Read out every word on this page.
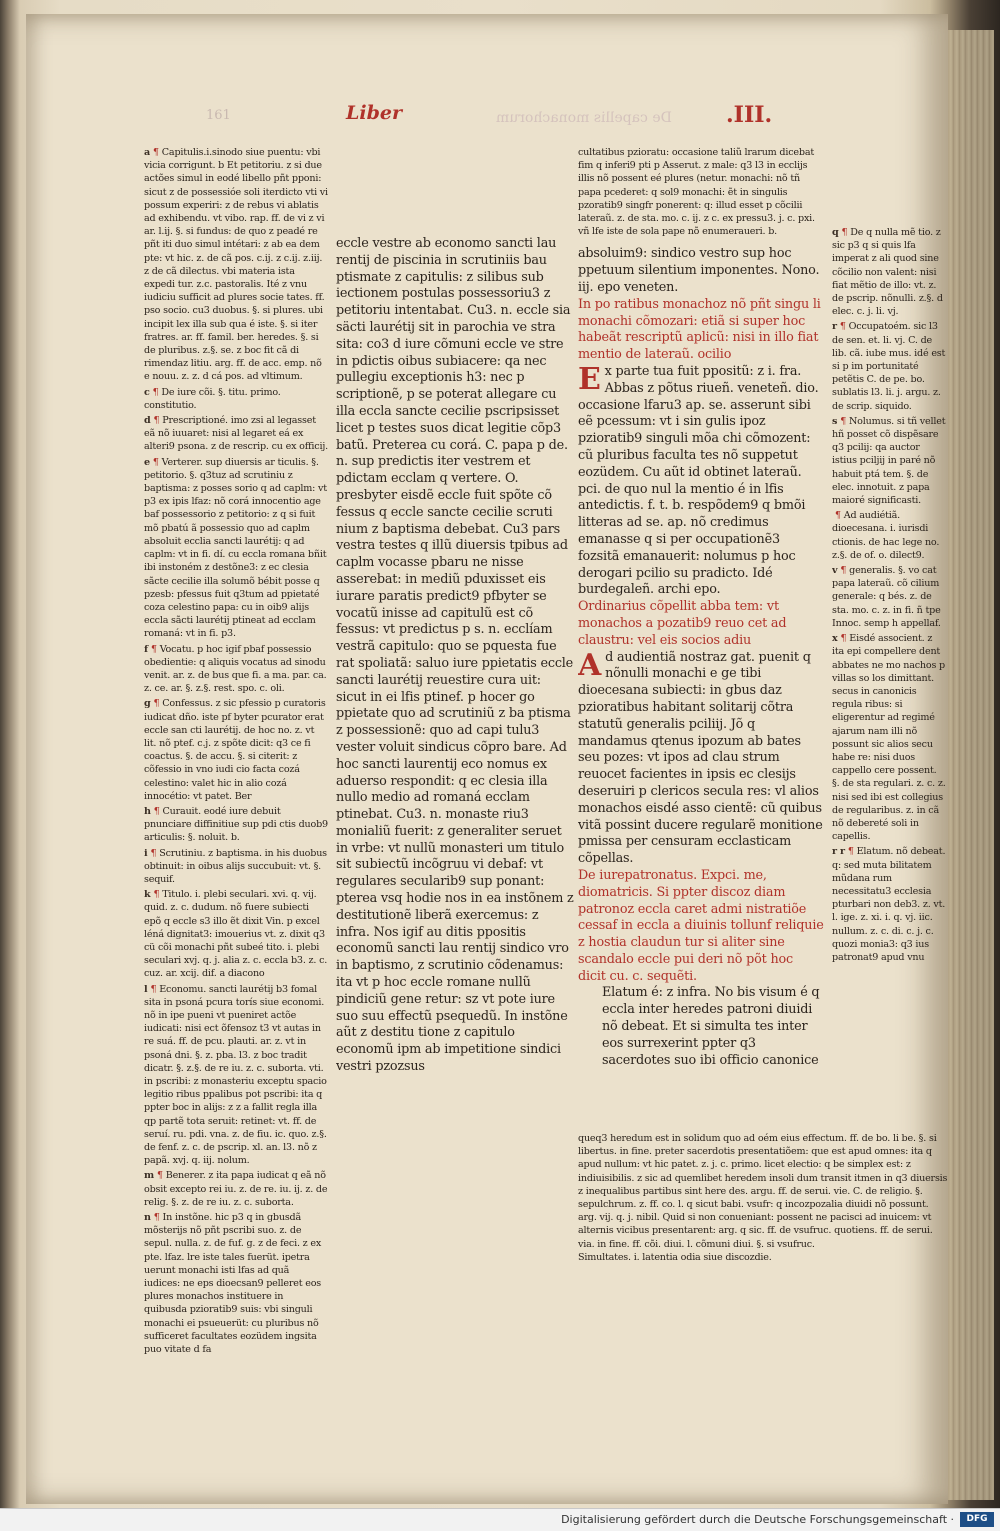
161	Liber	De capellis monachorum .III.

a ¶ Capitulis.i.sinodo siue puentu: vbi vicia corrigunt. b Et petitoriu. z si due actões simul in eodé libello pñt pponi: sicut z de possessióe soli iterdicto vti vi possum experiri: z de rebus vi ablatis ad exhibendu. vt vibo. rap. ff. de vi z vi ar. l.ij. §. si fundus: de quo z peadé re pñt iti duo simul intétari: z ab ea dem pte: vt hic. z. de cã pos. c.ij. z c.ij. z.iij. z de cã dilectus. vbi materia ista expedi tur. z.c. pastoralis. Ité z vnu iudiciu sufficit ad plures socie tates. ff. pso socio. cu3 duobus. §. si plures. ubi incipit lex illa sub qua é iste. §. si iter fratres. ar. ff. famil. ber. heredes. §. si de pluribus. z.§. se. z boc fit cã di rimendaz litiu. arg. ff. de acc. emp. nõ e nouu. z. z. d cá pos. ad vltimum.

c ¶ De iure cõi. §. titu. primo. constitutio.

d ¶ Prescriptioné. imo zsi al legasset eã nõ iuuaret: nisi al legaret eá ex alteri9 psona. z de rescrip. cu ex officij.

e ¶ Verterer. sup diuersis ar ticulis. §. petitorio. §. q3tuz ad scrutiniu z baptisma: z posses sorio q ad caplm: vt p3 ex ipis lfaz: nõ corá innocentio age baf possessorio z petitorio: z q si fuit mõ pbatú ã possessio quo ad caplm absoluit ecclia sancti laurétij: q ad caplm: vt in fi. dí. cu eccla romana bñit ibi instoném z destõne3: z ec clesia sãcte cecilie illa solumõ bébit posse q pzesb: pfessus fuit q3tum ad ppietaté coza celestino papa: cu in oib9 alijs eccla sãcti laurétij ptineat ad ecclam romaná: vt in fi. p3.

f ¶ Vocatu. p hoc igif pbaf possessio obedientie: q aliquis vocatus ad sinodu venit. ar. z. de bus que fi. a ma. par. ca. z. ce. ar. §. z.§. rest. spo. c. oli.

g ¶ Confessus. z sic pfessio p curatoris iudicat dño. iste pf byter pcurator erat eccle san cti laurétij. de hoc no. z. vt lit. nõ ptef. c.j. z spõte dicit: q3 ce fi coactus. §. de accu. §. si citerit: z cõfessio in vno iudi cio facta cozá celestino: valet hic in alio cozá innocétio: vt patet. Ber

h ¶ Curauit. eodé iure debuit pnunciare diffinitiue sup pdi ctis duob9 articulis: §. noluit. b.

i ¶ Scrutiniu. z baptisma. in his duobus obtinuit: in oibus alijs succubuit: vt. §. sequif.

k ¶ Titulo. i. plebi seculari. xvi. q. vij. quid. z. c. dudum. nõ fuere subiecti epõ q eccle s3 illo ẽt dixit Vin. p excel léná dignitat3: imouerius vt. z. dixit q3 cü cõi monachi pñt subeé tito. i. plebi seculari xvj. q. j. alia z. c. eccla b3. z. c. cuz. ar. xcij. dif. a diacono

l ¶ Economu. sancti laurétij b3 fomal sita in psoná pcura torís siue economi. nõ in ipe pueni vt pueniret actõe iudicati: nisi ect õfensoz t3 vt autas in re suá. ff. de pcu. plauti. ar. z. vt in psoná dni. §. z. pba. l3. z boc tradit dicatr. §. z.§. de re iu. z. c. suborta. vti. in pscribi: z monasteriu exceptu spacio legitio ribus ppalibus pot pscribi: ita q ppter boc in alijs: z z a fallit regla illa qp partẽ tota seruit: retinet: vt. ff. de seruí. ru. pdi. vna. z. de fiu. ic. quo. z.§. de fenf. z. c. de pscrip. xl. an. l3. nõ z papã. xvj. q. iij. nolum.

m ¶ Benerer. z ita papa iudicat q eã nõ obsit excepto rei iu. z. de re. iu. ij. z. de relig. §. z. de re iu. z. c. suborta.

n ¶ In instõne. hic p3 q in gbusdã mõsterijs nõ pñt pscribi suo. z. de sepul. nulla. z. de fuf. g. z de feci. z ex pte. lfaz. lre iste tales fuerüt. ipetra uerunt monachi isti lfas ad quã iudices: ne eps dioecsan9 pelleret eos plures monachos instituere in quibusda pzioratib9 suis: vbi singuli monachi ei psueuerüt: cu pluribus nõ sufficeret facultates eozüdem ingsita puo vitate d fa

eccle vestre ab economo sancti lau rentij de piscinia in scrutiniis bau ptismate z capitulis: z silibus sub iectionem postulas possessoriu3 z petitoriu intentabat. Cu3. n. eccle sia säcti laurétij sit in parochia ve stra sita: co3 d iure cõmuni eccle ve stre in pdictis oibus subiacere: qa nec pullegiu exceptionis h3: nec p scriptionẽ, p se poterat allegare cu illa eccla sancte cecilie pscripsisset licet p testes suos dicat legitie cõp3 batũ. Preterea cu corá. C. papa p de. n. sup predictis iter vestrem et pdictam ecclam q vertere. O. presbyter eisdẽ eccle fuit spõte cõ fessus q eccle sancte cecilie scruti nium z baptisma debebat. Cu3 pars vestra testes q illũ diuersis tpibus ad caplm vocasse pbaru ne nisse asserebat: in mediũ pduxisset eis iurare paratis predict9 pfbyter se vocatũ inisse ad capitulũ est cõ fessus: vt predictus p s. n. ecclíam vestrã capitulo: quo se pquesta fue rat spoliatã: saluo iure ppietatis eccle sancti laurétij reuestire cura uit: sicut in ei lfis ptinef. p hocer go ppietate quo ad scrutiniũ z ba ptisma z possessionẽ: quo ad capi tulu3 vester voluit sindicus cõpro bare. Ad hoc sancti laurentij eco nomus ex aduerso respondit: q ec clesia illa nullo medio ad romaná ecclam ptinebat. Cu3. n. monaste riu3 monialiũ fuerit: z generaliter seruet in vrbe: vt nullũ monasteri um titulo sit subiectũ incõgruu vi debaf: vt regulares secularib9 sup ponant: pterea vsq hodie nos in ea instõnem z destitutionẽ liberã exercemus: z infra. Nos igif au ditis ppositis economũ sancti lau rentij sindico vro in baptismo, z scrutinio cõdenamus: ita vt p hoc eccle romane nullũ pindiciũ gene retur: sz vt pote iure suo suu effectũ psequedũ. In instõne aũt z destitu tione z capitulo economũ ipm ab impetitione sindici vestri pzozsus

cultatibus pzioratu: occasione taliũ lrarum dicebat fim q inferi9 pti p Asserut. z male: q3 l3 in ecclijs illis nõ possent eé plures (netur. monachi: nõ tñ papa pcederet: q sol9 monachi: ẽt in singulis pzoratib9 singfr ponerent: q: illud esset p cõcilii lateraũ. z. de sta. mo. c. ij. z c. ex pressu3. j. c. pxi. vñ lfe iste de sola pape nõ enumeraueri. b.

absoluim9: sindico vestro sup hoc ppetuum silentium imponentes. Nono. iij. epo veneten.

In po ratibus monachoz nõ pñt singu li monachi cõmozari: etiã si super hoc habeãt rescriptũ aplicũ: nisi in illo fiat mentio de lateraũ. ocilio

Ex parte tua fuit ppositũ: z i. fra. Abbas z põtus riueñ. veneteñ. dio. occasione lfaru3 ap. se. asserunt sibi eẽ pcessum: vt i sin gulis ipoz pzioratib9 singuli mõa chi cõmozent: cũ pluribus faculta tes nõ suppetut eozüdem. Cu aũt id obtinet lateraũ. pci. de quo nul la mentio é in lfis antedictis. f. t. b. respõdem9 q bmõi litteras ad se. ap. nõ credimus emanasse q si per occupationẽ3 fozsitã emanauerit: nolumus p hoc derogari pcilio su pradicto. Idé burdegaleñ. archi epo.

Ordinarius cõpellit abba tem: vt monachos a pozatib9 reuo cet ad claustru: vel eis socios adiu

Ad audientiã nostraz gat. puenit q nõnulli monachi e ge tibi dioecesana subiecti: in gbus daz pzioratibus habitant solitarij cõtra statutũ generalis pciliij. Jõ q mandamus qtenus ipozum ab bates seu pozes: vt ipos ad clau strum reuocet facientes in ipsis ec clesijs deseruiri p clericos secula res: vl alios monachos eisdé asso cientẽ: cũ quibus vitã possint ducere regularẽ monitione pmissa per censuram ecclasticam cõpellas.

De iurepatronatus. Expci. me, diomatricis. Si ppter discoz diam patronoz eccla caret admi nistratiõe cessaf in eccla a diuinis tollunf reliquie z hostia claudun tur si aliter sine scandalo eccle pui deri nõ põt hoc dicit cu. c. sequẽti.

Elatum é: z infra. No bis visum é q eccla inter heredes patroni diuidi nõ debeat. Et si simulta tes inter eos surrexerint ppter q3 sacerdotes suo ibi officio canonice

queq3 heredum est in solidum quo ad oém eius effectum. ff. de bo. li be. §. si libertus. in fine. preter sacerdotis presentatiõem: que est apud omnes: ita q apud nullum: vt hic patet. z. j. c. primo. licet electio: q be simplex est: z indiuisibilis. z sic ad quemlibet heredem insoli dum transit itmen in q3 diuersis z inequalibus partibus sint here des. argu. ff. de serui. vie. C. de religio. §. sepulchrum. z. ff. co. l. q sicut babi. vsufr: q incozpozalia diuidi nõ possunt. arg. vij. q. j. nibil. Quid si non conueniant: possent ne pacisci ad inuicem: vt alternis vicibus presentarent: arg. q sic. ff. de vsufruc. quotiens. ff. de serui. via. in fine. ff. cõi. diui. l. cõmuni diui. §. si vsufruc.

Simultates. i. latentia odia siue discozdie.

q ¶ De q nulla mẽ tio. z sic p3 q si quis lfa imperat z ali quod sine cõcilio non valent: nisi fiat mẽtio de illo: vt. z. de pscrip. nõnulli. z.§. d elec. c. j. li. vj.

r ¶ Occupatoém. sic l3 de sen. et. li. vj. C. de lib. cã. iube mus. idé est si p im portunitaté petẽtis C. de pe. bo. sublatis l3. li. j. argu. z. de scrip. siquido.

s ¶ Nolumus. si tñ vellet hñ posset cõ dispẽsare q3 pcilij: qa auctor istius pciljij in paré nõ habuit ptá tem. §. de elec. innotuit. z papa maioré significasti.

¶ Ad audiétiã. dioecesana. i. iurisdi ctionis. de hac lege no. z.§. de of. o. dilect9.

v ¶ generalis. §. vo cat papa lateraũ. cõ cilium generale: q bés. z. de sta. mo. c. z. in fi. ñ tpe Innoc. semp h appellaf.

x ¶ Eisdé associent. z ita epi compellere dent abbates ne mo nachos p villas so los dimittant. secus in canonicis regula ribus: si eligerentur ad regimé ajarum nam illi nõ possunt sic alios secu habe re: nisi duos cappello cere possent. §. de sta regulari. z. c. z. nisi sed ibi est collegius de regularibus. z. in cã nõ debereté soli in capellis.

r r ¶ Elatum. nõ debeat. q: sed muta bilitatem mũdana rum necessitatu3 ecclesia pturbari non deb3. z. vt. l. ige. z. xi. i. q. vj. iic. nullum. z. c. di. c. j. c. quozi monia3: q3 ius patronat9 apud vnu

Digitalisierung gefördert durch die Deutsche Forschungsgemeinschaft ·	DFG
